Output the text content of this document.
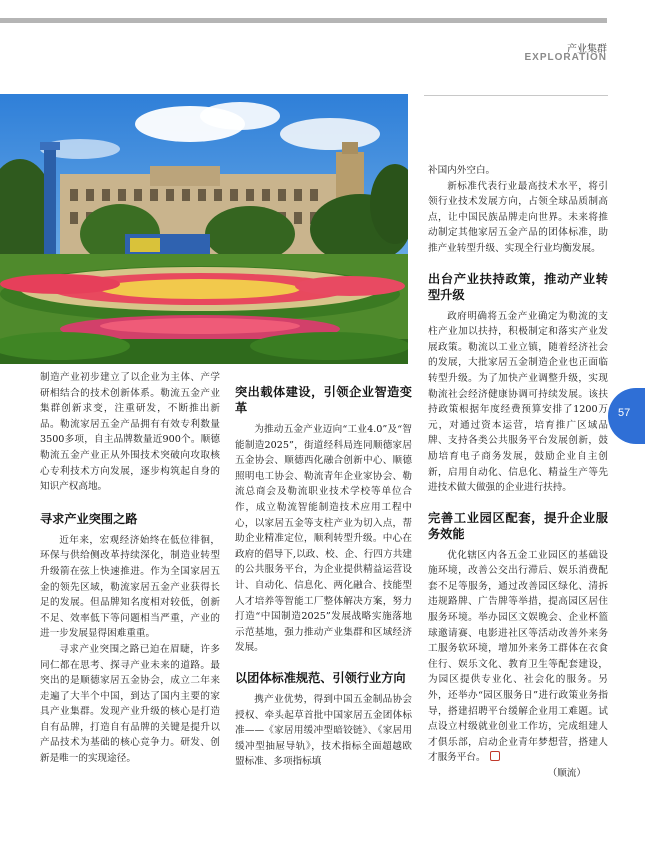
产业集群
EXPLORATION
57

制造产业初步建立了以企业为主体、产学研相结合的技术创新体系。勒流五金产业集群创新求变，注重研发，不断推出新品。勒流家居五金产品拥有有效专利数量3500多项，自主品牌数量近900个。顺德勒流五金产业正从外围技术突破向攻取核心专利技术方向发展，逐步构筑起自身的知识产权高地。

寻求产业突围之路

近年来，宏观经济始终在低位徘徊，环保与供给侧改革持续深化，制造业转型升级箭在弦上快速推进。作为全国家居五金的领先区域，勒流家居五金产业获得长足的发展。但品牌知名度相对较低，创新不足、效率低下等问题相当严重，产业的进一步发展显得困难重重。

寻求产业突围之路已迫在眉睫，许多同仁都在思考、探寻产业未来的道路。最突出的是顺德家居五金协会，成立二年来走遍了大半个中国，到达了国内主要的家具产业集群。发现产业升级的核心是打造自有品牌，打造自有品牌的关键是提升以产品技术为基础的核心竞争力。研发、创新是唯一的实现途径。

突出载体建设，引领企业智造变革

为推动五金产业迈向“工业4.0”及“智能制造2025”，街道经科局连同顺德家居五金协会、顺德西化融合创新中心、顺德照明电工协会、勒流青年企业家协会、勒流总商会及勒流职业技术学校等单位合作，成立勒流智能制造技术应用工程中心，以家居五金等支柱产业为切入点，帮助企业精准定位，顺利转型升级。中心在政府的倡导下,以政、校、企、行四方共建的公共服务平台，为企业提供精益运营设计、自动化、信息化、两化融合、技能型人才培养等智能工厂整体解决方案，努力打造“中国制造2025”发展战略实施落地示范基地，强力推动产业集群和区域经济发展。

以团体标准规范、引领行业方向

携产业优势，得到中国五金制品协会授权、牵头起草首批中国家居五金团体标准——《家居用缓冲型暗铰链》、《家居用缓冲型抽屉导轨》，技术指标全面超越欧盟标准、多项指标填

补国内外空白。

新标准代表行业最高技术水平，将引领行业技术发展方向，占领全球品质制高点，让中国民族品牌走向世界。未来将推动制定其他家居五金产品的团体标准，助推产业转型升级、实现全行业均衡发展。

出台产业扶持政策，推动产业转型升级

政府明确将五金产业确定为勒流的支柱产业加以扶持，积极制定和落实产业发展政策。勒流以工业立镇，随着经济社会的发展，大批家居五金制造企业也正面临转型升级。为了加快产业调整升级，实现勒流社会经济健康协调可持续发展。该扶持政策根据年度经费预算安排了1200万元，对通过资本运营，培育推广区域品牌、支持各类公共服务平台发展创新，鼓励培育电子商务发展，鼓励企业自主创新，启用自动化、信息化、精益生产等先进技术做大做强的企业进行扶持。

完善工业园区配套，提升企业服务效能

优化辖区内各五金工业园区的基础设施环境，改善公交出行滞后、娱乐消费配套不足等服务，通过改善园区绿化、清拆违规路牌、广告牌等举措，提高园区居住服务环境。举办园区文娱晚会、企业杯篮球邀请赛、电影进社区等活动改善外来务工服务软环境，增加外来务工群体在衣食住行、娱乐文化、教育卫生等配套建设，为园区提供专业化、社会化的服务。另外，还举办“园区服务日”进行政策业务指导，搭建招聘平台缓解企业用工难题。试点设立村级就业创业工作坊，完成组建人才俱乐部，启动企业青年梦想营，搭建人才服务平台。

（顺流）
